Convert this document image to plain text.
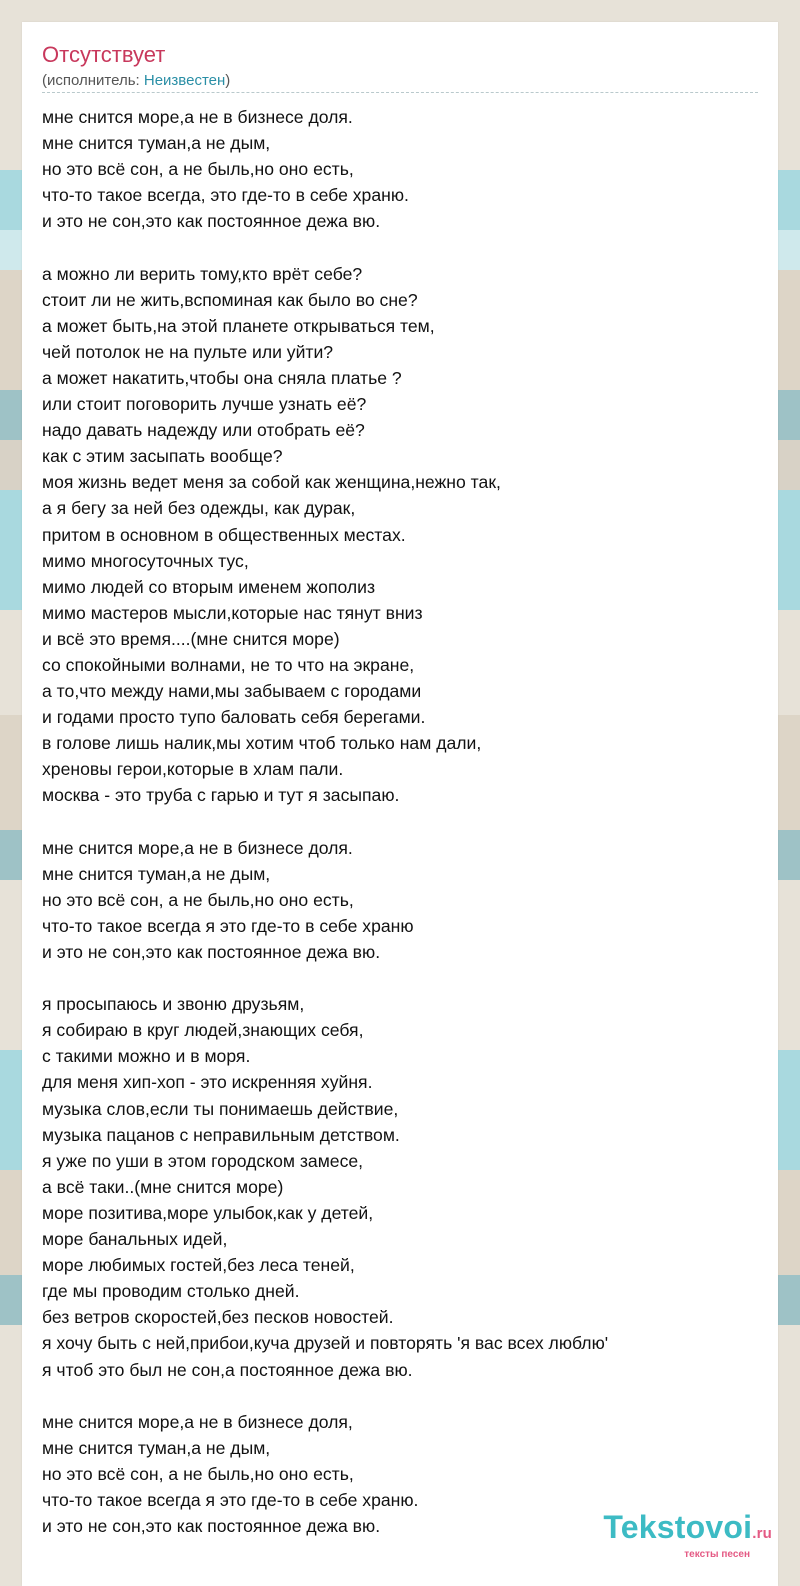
Отсутствует
(исполнитель: Неизвестен)
мне снится море,а не в бизнесе доля.
мне снится туман,а не дым,
но это всё сон, а не быль,но оно есть,
что-то такое всегда, это где-то в себе храню.
и это не сон,это как постоянное дежа вю.
а можно ли верить тому,кто врёт себе?
стоит ли не жить,вспоминая как было во сне?
а может быть,на этой планете открываться тем,
чей потолок не на пульте или уйти?
а может накатить,чтобы она сняла платье ?
или стоит поговорить лучше узнать её?
надо давать надежду или отобрать её?
как с этим засыпать вообще?
моя жизнь ведет меня за собой как женщина,нежно так,
а я бегу за ней без одежды, как дурак,
притом в основном в общественных местах.
мимо многосуточных тус,
мимо людей со вторым именем жополиз
мимо мастеров мысли,которые нас тянут вниз
и всё это время....(мне снится море)
со спокойными волнами, не то что на экране,
а то,что между нами,мы забываем с городами
и годами просто тупо баловать себя берегами.
в голове лишь налик,мы хотим чтоб только нам дали,
хреновы герои,которые в хлам пали.
москва - это труба с гарью и тут я засыпаю.
мне снится море,а не в бизнесе доля.
мне снится туман,а не дым,
но это всё сон, а не быль,но оно есть,
что-то такое всегда я это где-то в себе храню
и это не сон,это как постоянное дежа вю.
я просыпаюсь и звоню друзьям,
я собираю в круг людей,знающих себя,
с такими можно и в моря.
для меня хип-хоп - это искренняя хуйня.
музыка слов,если ты понимаешь действие,
музыка пацанов с неправильным детством.
я уже по уши в этом городском замесе,
а всё таки..(мне снится море)
море позитива,море улыбок,как у детей,
море банальных идей,
море любимых гостей,без леса теней,
где мы проводим столько дней.
без ветров скоростей,без песков новостей.
я хочу быть с ней,прибои,куча друзей и повторять 'я вас всех люблю'
я чтоб это был не сон,а постоянное дежа вю.
мне снится море,а не в бизнесе доля,
мне снится туман,а не дым,
но это всё сон, а не быль,но оно есть,
что-то такое всегда я это где-то в себе храню.
и это не сон,это как постоянное дежа вю.	Tekstovoi.ru
тексты песен
